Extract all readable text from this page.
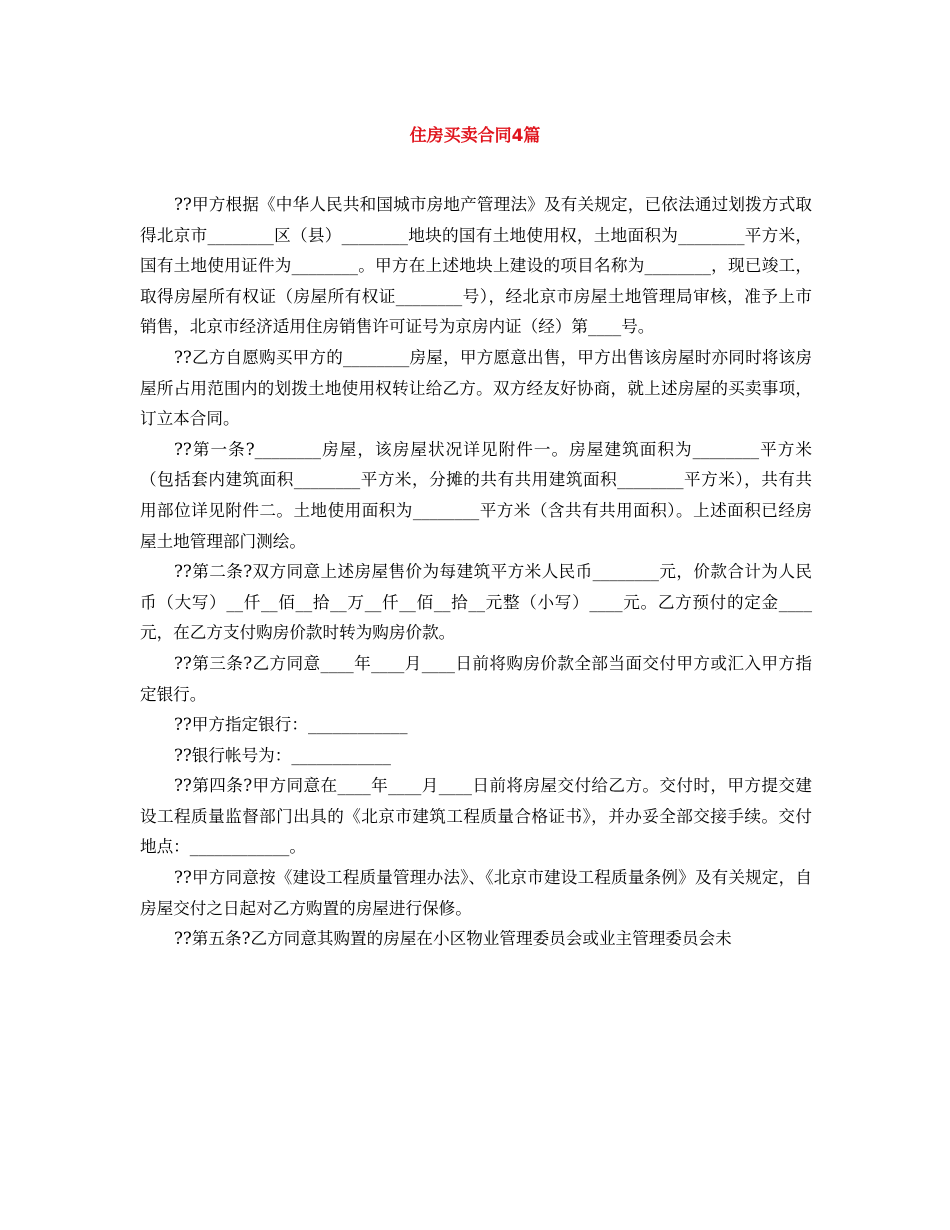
住房买卖合同4篇

??甲方根据《中华人民共和国城市房地产管理法》及有关规定，已依法通过划拨方式取得北京市________区（县）________地块的国有土地使用权，土地面积为________平方米，国有土地使用证件为________。甲方在上述地块上建设的项目名称为________，现已竣工，取得房屋所有权证（房屋所有权证________号），经北京市房屋土地管理局审核，准予上市销售，北京市经济适用住房销售许可证号为京房内证（经）第____号。

??乙方自愿购买甲方的________房屋，甲方愿意出售，甲方出售该房屋时亦同时将该房屋所占用范围内的划拨土地使用权转让给乙方。双方经友好协商，就上述房屋的买卖事项，订立本合同。

??第一条?________房屋，该房屋状况详见附件一。房屋建筑面积为________平方米（包括套内建筑面积________平方米，分摊的共有共用建筑面积________平方米），共有共用部位详见附件二。土地使用面积为________平方米（含共有共用面积）。上述面积已经房屋土地管理部门测绘。

??第二条?双方同意上述房屋售价为每建筑平方米人民币________元，价款合计为人民币（大写）__仟__佰__拾__万__仟__佰__拾__元整（小写）____元。乙方预付的定金____元，在乙方支付购房价款时转为购房价款。

??第三条?乙方同意____年____月____日前将购房价款全部当面交付甲方或汇入甲方指定银行。

??甲方指定银行：____________

??银行帐号为：____________

??第四条?甲方同意在____年____月____日前将房屋交付给乙方。交付时，甲方提交建设工程质量监督部门出具的《北京市建筑工程质量合格证书》，并办妥全部交接手续。交付地点：____________。

??甲方同意按《建设工程质量管理办法》、《北京市建设工程质量条例》及有关规定，自房屋交付之日起对乙方购置的房屋进行保修。

??第五条?乙方同意其购置的房屋在小区物业管理委员会或业主管理委员会未
